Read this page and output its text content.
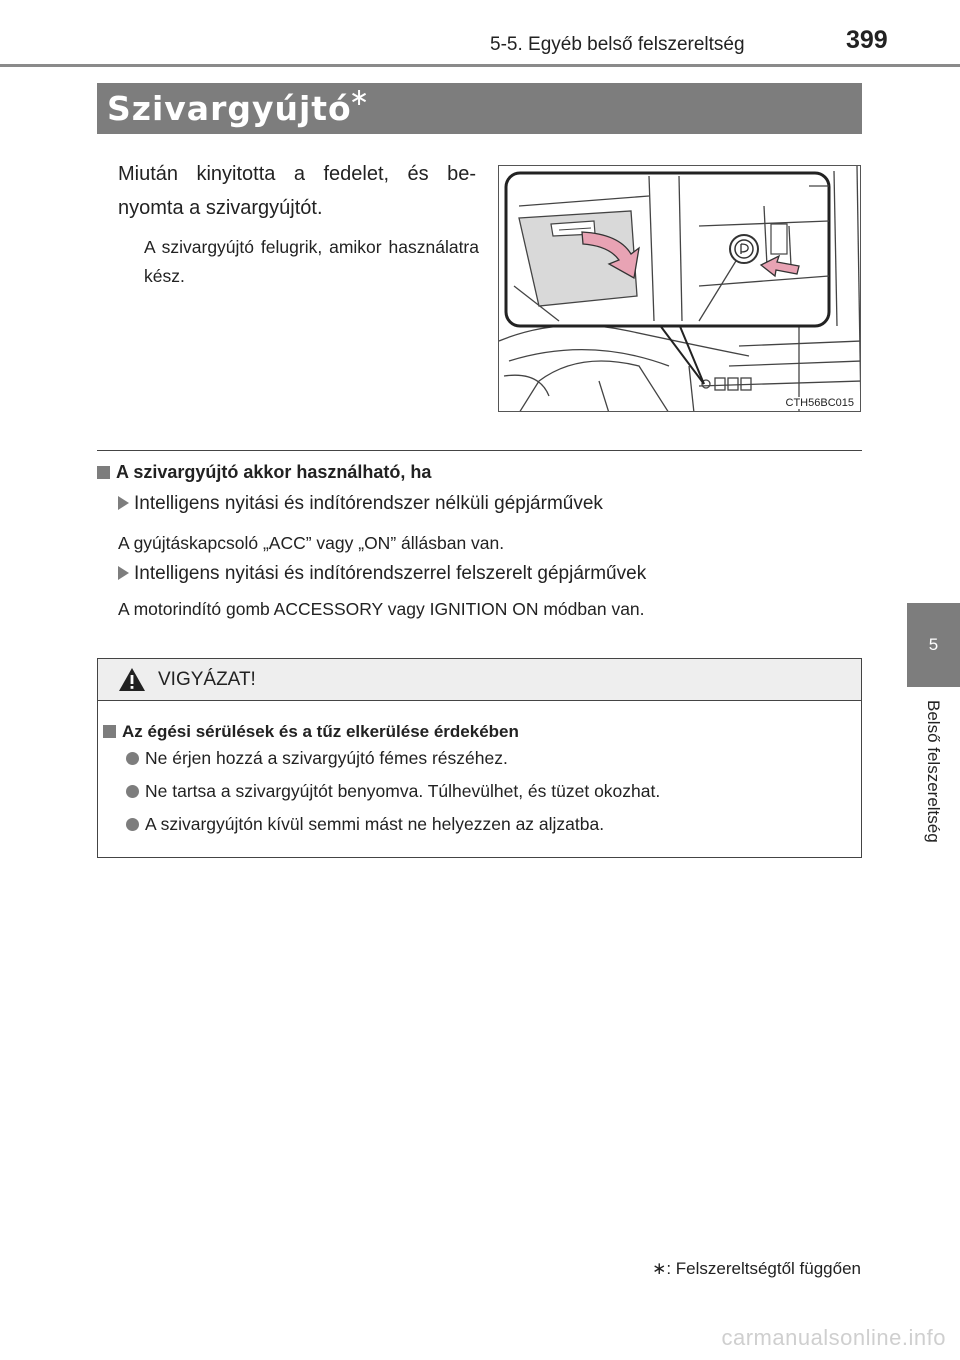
5-5. Egyéb belső felszereltség	399
5
Belső felszereltség
Szivargyújtó
∗
Miután kinyitotta a fedelet, és be- nyomta a szivargyújtót.
A szivargyújtó felugrik, amikor használatra kész.
CTH56BC015
A szivargyújtó akkor használható, ha
Intelligens nyitási és indítórendszer nélküli gépjárművek
A gyújtáskapcsoló „ACC” vagy „ON” állásban van.
Intelligens nyitási és indítórendszerrel felszerelt gépjárművek
A motorindító gomb ACCESSORY vagy IGNITION ON módban van.
VIGYÁZAT!
Az égési sérülések és a tűz elkerülése érdekében
Ne érjen hozzá a szivargyújtó fémes részéhez.
Ne tartsa a szivargyújtót benyomva. Túlhevülhet, és tüzet okozhat.
A szivargyújtón kívül semmi mást ne helyezzen az aljzatba.
∗: Felszereltségtől függően
carmanualsonline.info
